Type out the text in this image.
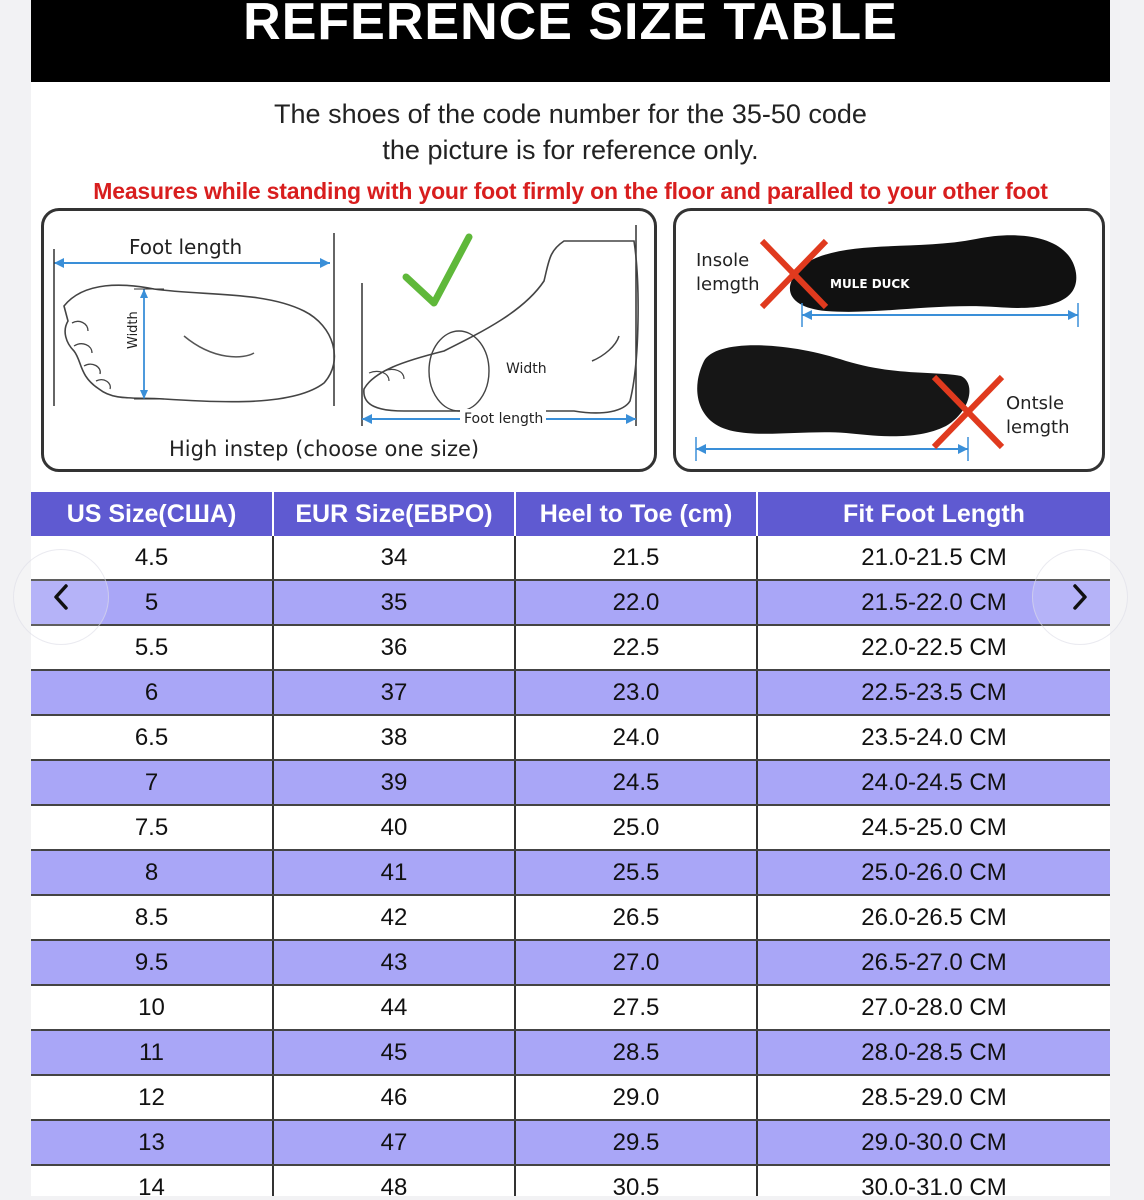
REFERENCE SIZE TABLE
The shoes of the code number for the 35-50 code
the picture is for reference only.
Measures while standing with your foot firmly on the floor and paralled to your other foot
Width
Width
Foot length
Foot length
High instep (choose one size)
MULE DUCK
Insole
lemgth
Ontsle
lemgth
US Size(США)	EUR Size(EBPO)	Heel to Toe (cm)	Fit Foot Length
4.5	34	21.5	21.0-21.5 CM
5	35	22.0	21.5-22.0 CM
5.5	36	22.5	22.0-22.5 CM
6	37	23.0	22.5-23.5 CM
6.5	38	24.0	23.5-24.0 CM
7	39	24.5	24.0-24.5 CM
7.5	40	25.0	24.5-25.0 CM
8	41	25.5	25.0-26.0 CM
8.5	42	26.5	26.0-26.5 CM
9.5	43	27.0	26.5-27.0 CM
10	44	27.5	27.0-28.0 CM
11	45	28.5	28.0-28.5 CM
12	46	29.0	28.5-29.0 CM
13	47	29.5	29.0-30.0 CM
14	48	30.5	30.0-31.0 CM
